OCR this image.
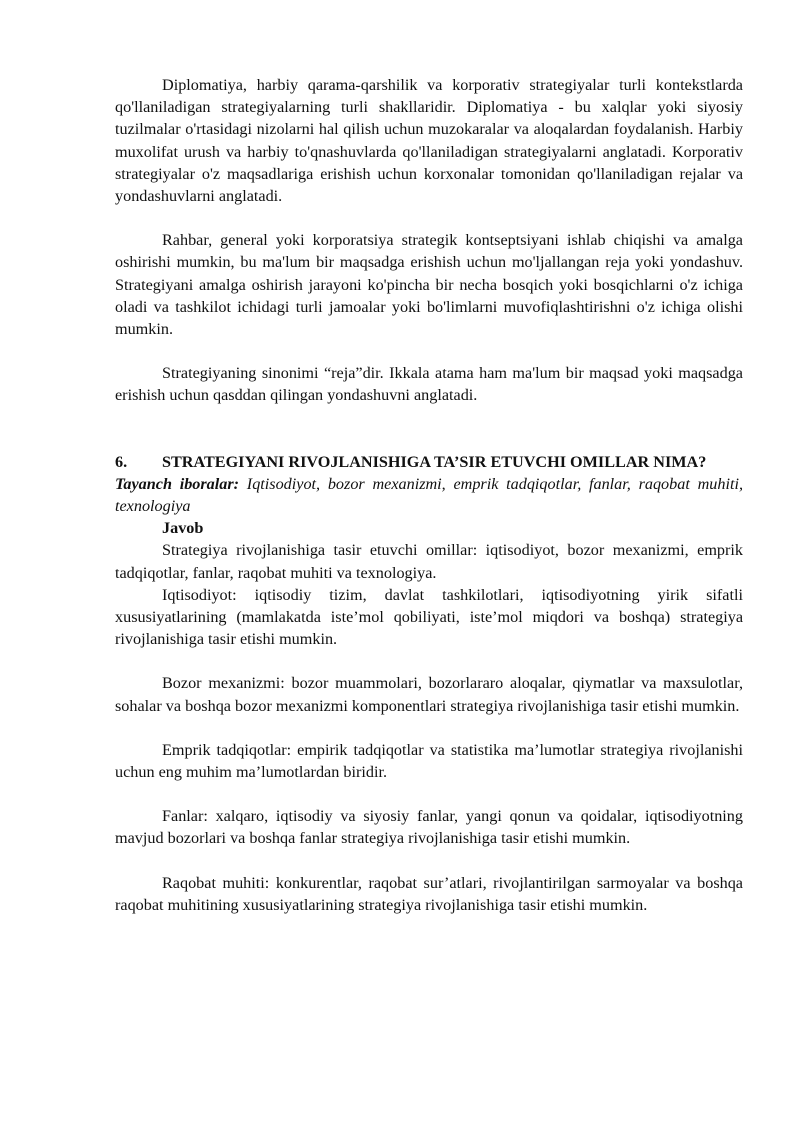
Diplomatiya, harbiy qarama-qarshilik va korporativ strategiyalar turli kontekstlarda qo'llaniladigan strategiyalarning turli shakllaridir. Diplomatiya - bu xalqlar yoki siyosiy tuzilmalar o'rtasidagi nizolarni hal qilish uchun muzokaralar va aloqalardan foydalanish. Harbiy muxolifat urush va harbiy to'qnashuvlarda qo'llaniladigan strategiyalarni anglatadi. Korporativ strategiyalar o'z maqsadlariga erishish uchun korxonalar tomonidan qo'llaniladigan rejalar va yondashuvlarni anglatadi.

Rahbar, general yoki korporatsiya strategik kontseptsiyani ishlab chiqishi va amalga oshirishi mumkin, bu ma'lum bir maqsadga erishish uchun mo'ljallangan reja yoki yondashuv. Strategiyani amalga oshirish jarayoni ko'pincha bir necha bosqich yoki bosqichlarni o'z ichiga oladi va tashkilot ichidagi turli jamoalar yoki bo'limlarni muvofiqlashtirishni o'z ichiga olishi mumkin.

Strategiyaning sinonimi “reja”dir. Ikkala atama ham ma'lum bir maqsad yoki maqsadga erishish uchun qasddan qilingan yondashuvni anglatadi.

6. STRATEGIYANI RIVOJLANISHIGA TA’SIR ETUVCHI OMILLAR NIMA?

Tayanch iboralar: Iqtisodiyot, bozor mexanizmi, emprik tadqiqotlar, fanlar, raqobat muhiti, texnologiya

Javob

Strategiya rivojlanishiga tasir etuvchi omillar: iqtisodiyot, bozor mexanizmi, emprik tadqiqotlar, fanlar, raqobat muhiti va texnologiya.

Iqtisodiyot: iqtisodiy tizim, davlat tashkilotlari, iqtisodiyotning yirik sifatli xususiyatlarining (mamlakatda iste’mol qobiliyati, iste’mol miqdori va boshqa) strategiya rivojlanishiga tasir etishi mumkin.

Bozor mexanizmi: bozor muammolari, bozorlararo aloqalar, qiymatlar va maxsulotlar, sohalar va boshqa bozor mexanizmi komponentlari strategiya rivojlanishiga tasir etishi mumkin.

Emprik tadqiqotlar: empirik tadqiqotlar va statistika ma’lumotlar strategiya rivojlanishi uchun eng muhim ma’lumotlardan biridir.

Fanlar: xalqaro, iqtisodiy va siyosiy fanlar, yangi qonun va qoidalar, iqtisodiyotning mavjud bozorlari va boshqa fanlar strategiya rivojlanishiga tasir etishi mumkin.

Raqobat muhiti: konkurentlar, raqobat sur’atlari, rivojlantirilgan sarmoyalar va boshqa raqobat muhitining xususiyatlarining strategiya rivojlanishiga tasir etishi mumkin.
